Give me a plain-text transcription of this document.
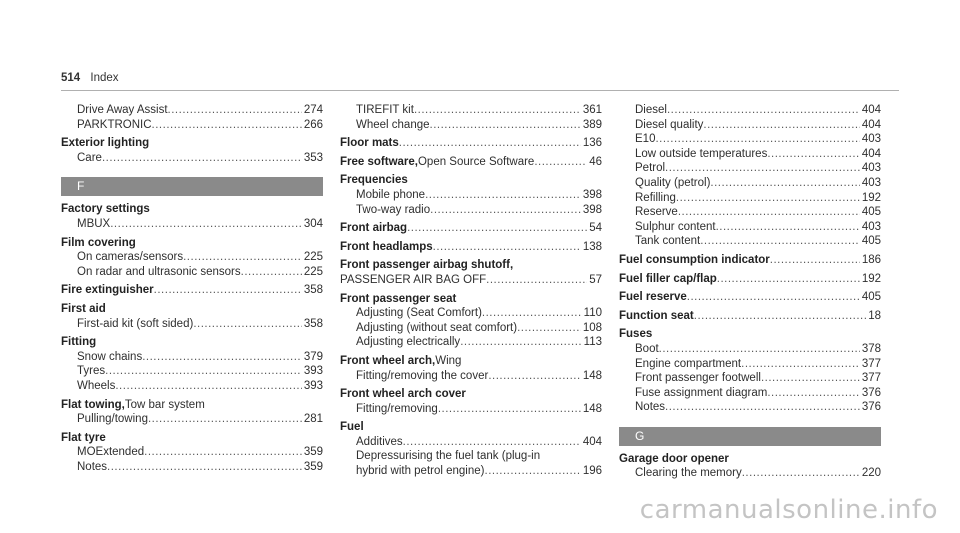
514 Index
Drive Away Assist .....	274
PARKTRONIC .....	266
Exterior lighting
Care .....	353
F
Factory settings
MBUX .....	304
Film covering
On cameras/sensors .....	225
On radar and ultrasonic sensors .....	225
Fire extinguisher .....	358
First aid
First-aid kit (soft sided) .....	358
Fitting
Snow chains .....	379
Tyres .....	393
Wheels .....	393
Flat towing, Tow bar system
Pulling/towing .....	281
Flat tyre
MOExtended .....	359
Notes .....	359
TIREFIT kit .....	361
Wheel change .....	389
Floor mats .....	136
Free software, Open Source Software .....	46
Frequencies
Mobile phone .....	398
Two-way radio .....	398
Front airbag .....	54
Front headlamps .....	138
Front passenger airbag shutoff,
PASSENGER AIR BAG OFF .....	57
Front passenger seat
Adjusting (Seat Comfort) .....	110
Adjusting (without seat comfort) .....	108
Adjusting electrically .....	113
Front wheel arch, Wing
Fitting/removing the cover .....	148
Front wheel arch cover
Fitting/removing .....	148
Fuel
Additives .....	404
Depressurising the fuel tank (plug-in
hybrid with petrol engine) .....	196
Diesel .....	404
Diesel quality .....	404
E10 .....	403
Low outside temperatures .....	404
Petrol .....	403
Quality (petrol) .....	403
Refilling .....	192
Reserve .....	405
Sulphur content .....	403
Tank content .....	405
Fuel consumption indicator .....	186
Fuel filler cap/flap .....	192
Fuel reserve .....	405
Function seat .....	18
Fuses
Boot .....	378
Engine compartment .....	377
Front passenger footwell .....	377
Fuse assignment diagram .....	376
Notes .....	376
G
Garage door opener
Clearing the memory .....	220
carmanualsonline.info
